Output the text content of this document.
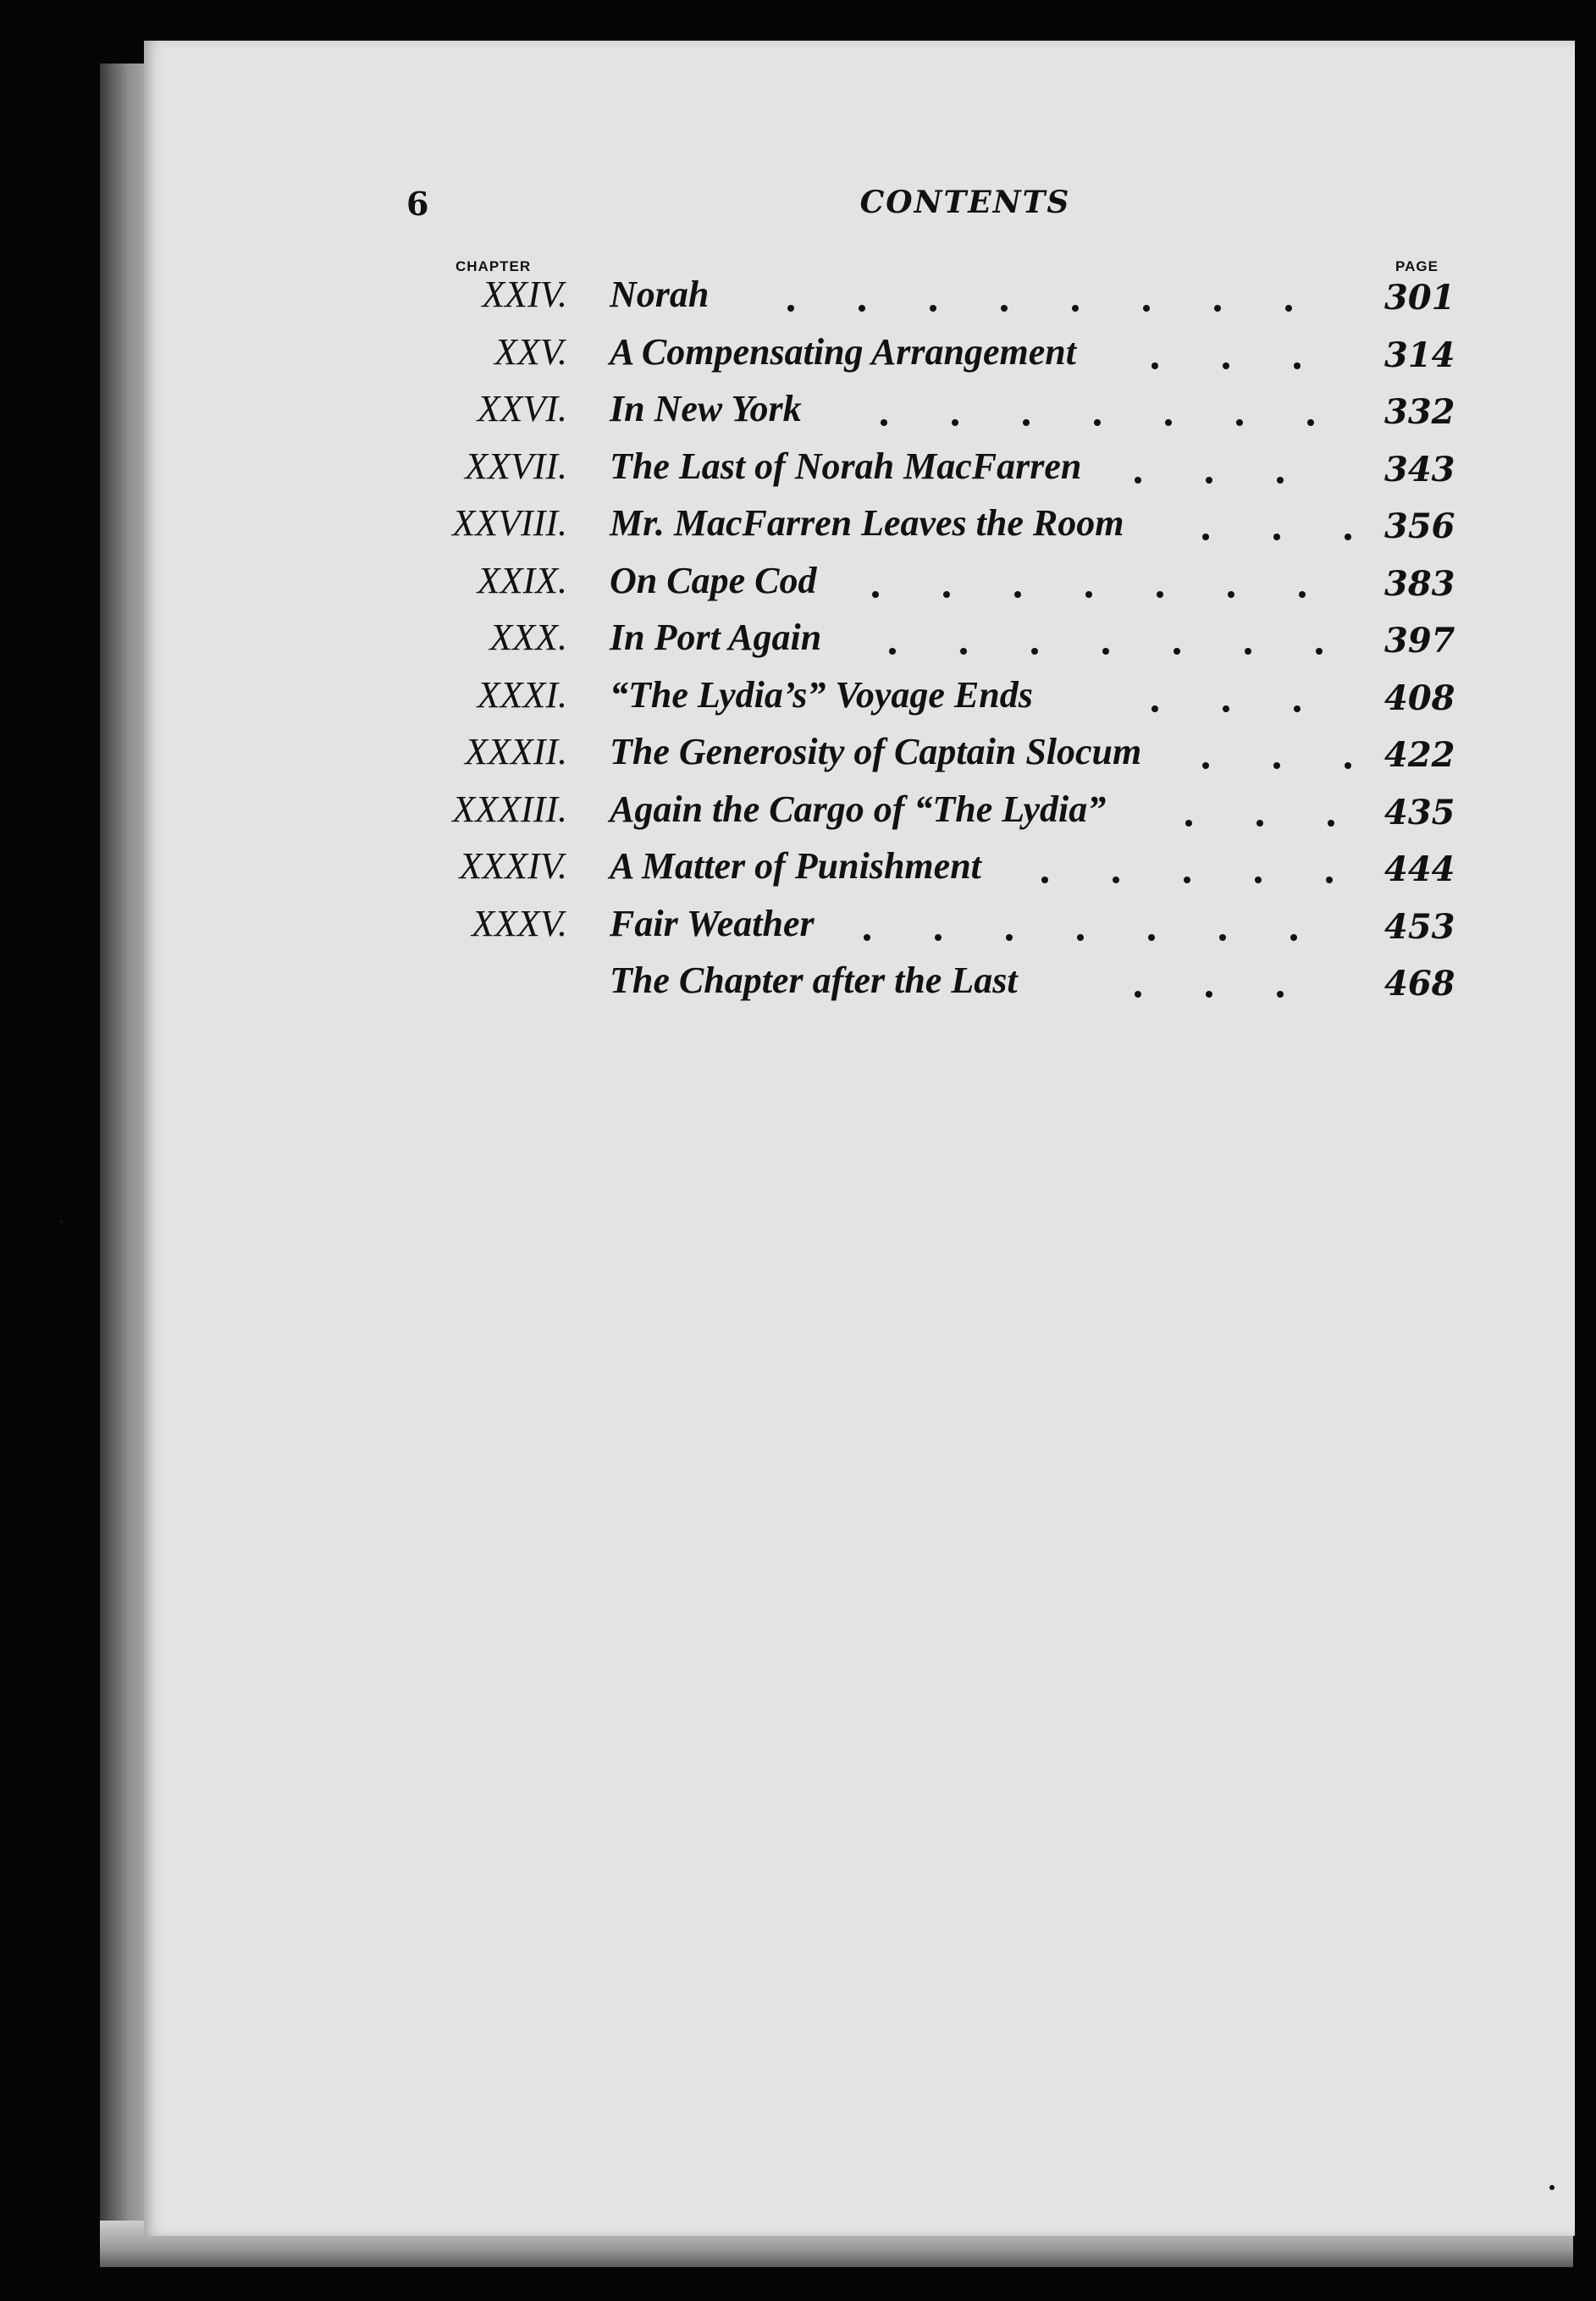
6	CONTENTS
CHAPTER	PAGE
XXIV. Norah	301
XXV. A Compensating Arrangement	314
XXVI. In New York	332
XXVII. The Last of Norah MacFarren	343
XXVIII. Mr. MacFarren Leaves the Room	356
XXIX. On Cape Cod	383
XXX. In Port Again	397
XXXI. “The Lydia’s” Voyage Ends	408
XXXII. The Generosity of Captain Slocum	422
XXXIII. Again the Cargo of “The Lydia”	435
XXXIV. A Matter of Punishment	444
XXXV. Fair Weather	453
The Chapter after the Last	468
